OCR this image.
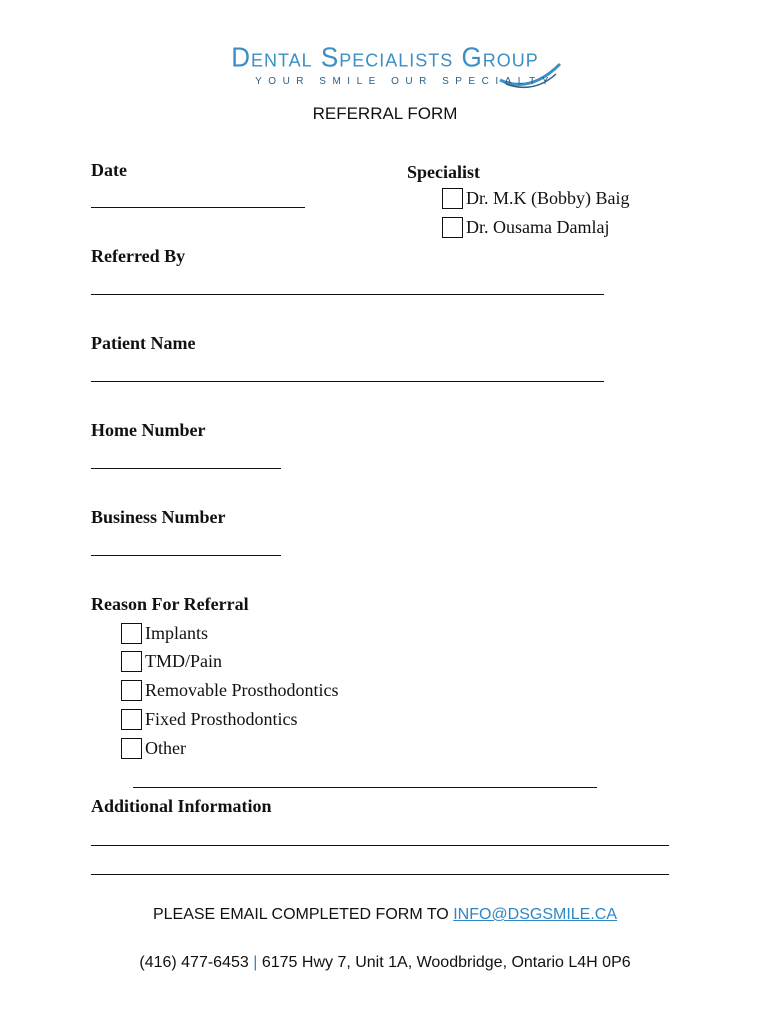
Dental Specialists Group
YOUR SMILE OUR SPECIALTY
REFERRAL FORM
Date	Specialist
Dr. M.K (Bobby) Baig
Dr. Ousama Damlaj
Referred By
Patient Name
Home Number
Business Number
Reason For Referral
Implants
TMD/Pain
Removable Prosthodontics
Fixed Prosthodontics
Other
Additional Information
PLEASE EMAIL COMPLETED FORM TO INFO@DSGSMILE.CA
(416) 477-6453 | 6175 Hwy 7, Unit 1A, Woodbridge, Ontario L4H 0P6
